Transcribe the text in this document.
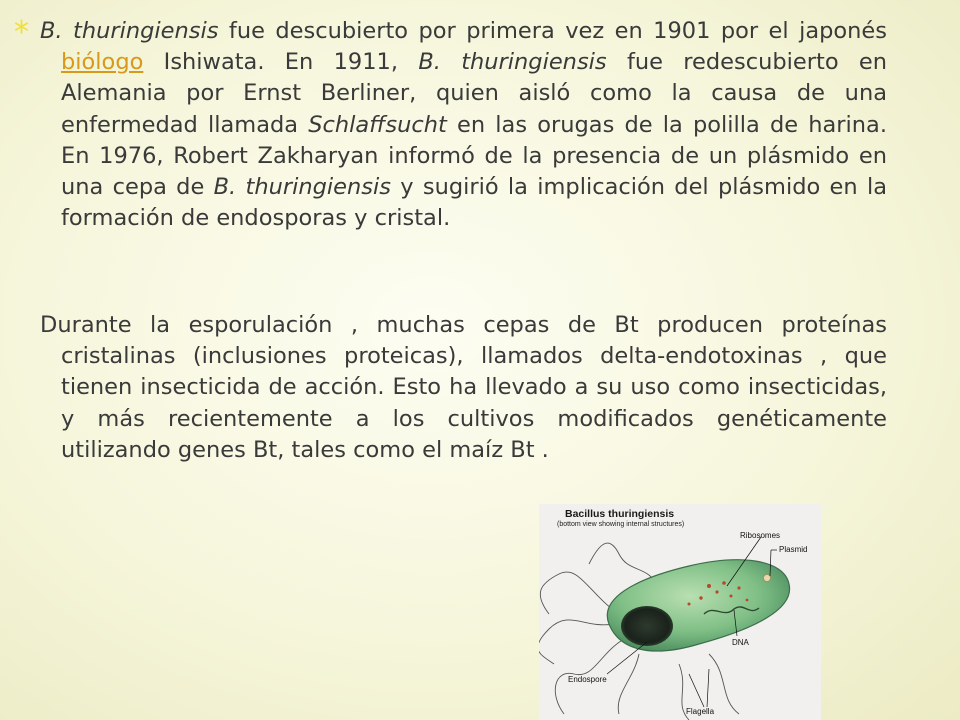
* B. thuringiensis fue descubierto por primera vez en 1901 por el japonés biólogo Ishiwata. En 1911, B. thuringiensis fue redescubierto en Alemania por Ernst Berliner, quien aisló como la causa de una enfermedad llamada Schlaffsucht en las orugas de la polilla de harina. En 1976, Robert Zakharyan informó de la presencia de un plásmido en una cepa de B. thuringiensis y sugirió la implicación del plásmido en la formación de endosporas y cristal.

Durante la esporulación , muchas cepas de Bt producen proteínas cristalinas (inclusiones proteicas), llamados delta-endotoxinas , que tienen insecticida de acción. Esto ha llevado a su uso como insecticidas, y más recientemente a los cultivos modificados genéticamente utilizando genes Bt, tales como el maíz Bt .

Bacillus thuringiensis
(bottom view showing internal structures)
Ribosomes
Plasmid
DNA
Endospore
Flagella
